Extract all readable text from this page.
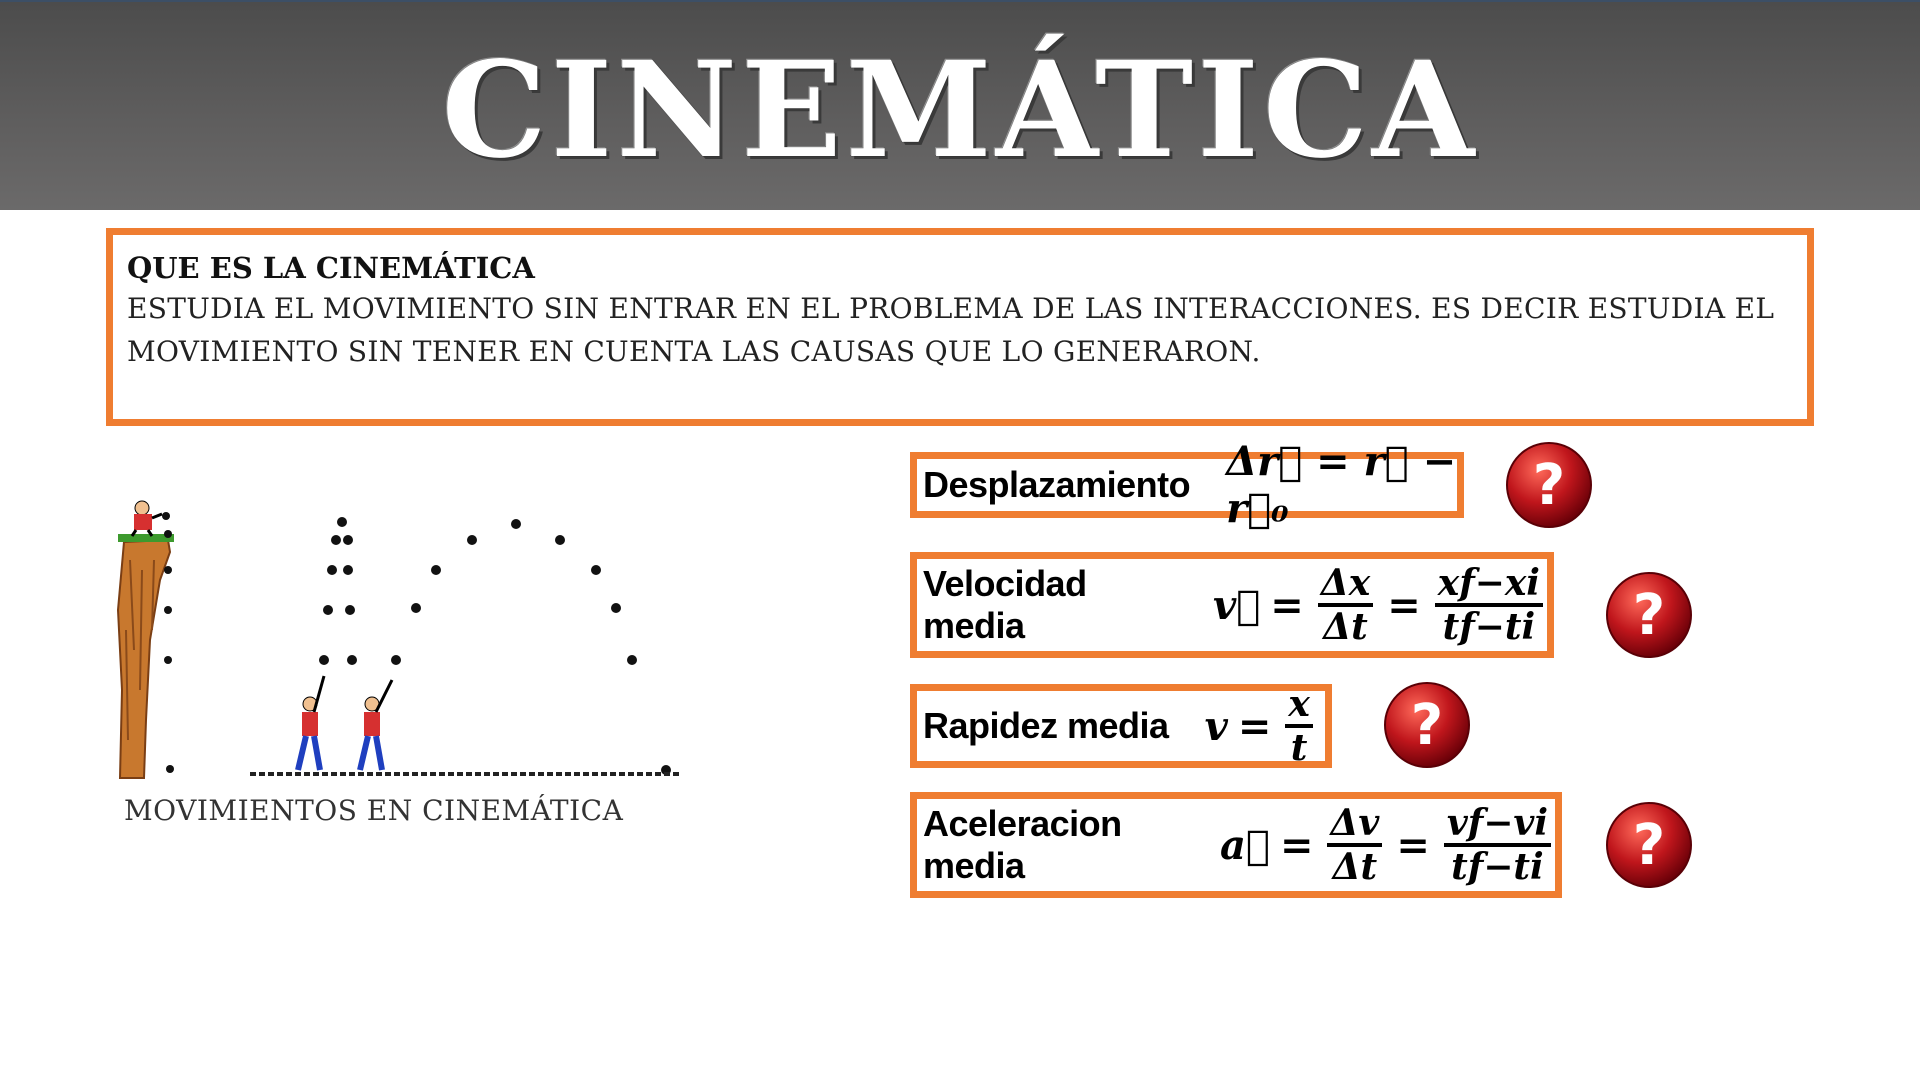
CINEMÁTICA
QUE ES LA CINEMÁTICA
ESTUDIA EL MOVIMIENTO SIN ENTRAR EN EL PROBLEMA DE LAS INTERACCIONES. ES DECIR ESTUDIA EL MOVIMIENTO SIN TENER EN CUENTA LAS CAUSAS QUE LO GENERARON.
MOVIMIENTOS EN CINEMÁTICA
Desplazamiento Δr⃗ = r⃗ − r⃗₀
Velocidad media	v⃗ = $\frac{\Delta x}{\Delta t} = \frac{xf-xi}{tf-ti}$
Rapidez media $v = \frac{x}{t}$
Aceleracion media	a⃗ = $\frac{\Delta v}{\Delta t} = \frac{vf-vi}{tf-ti}$
?
?
?
?
